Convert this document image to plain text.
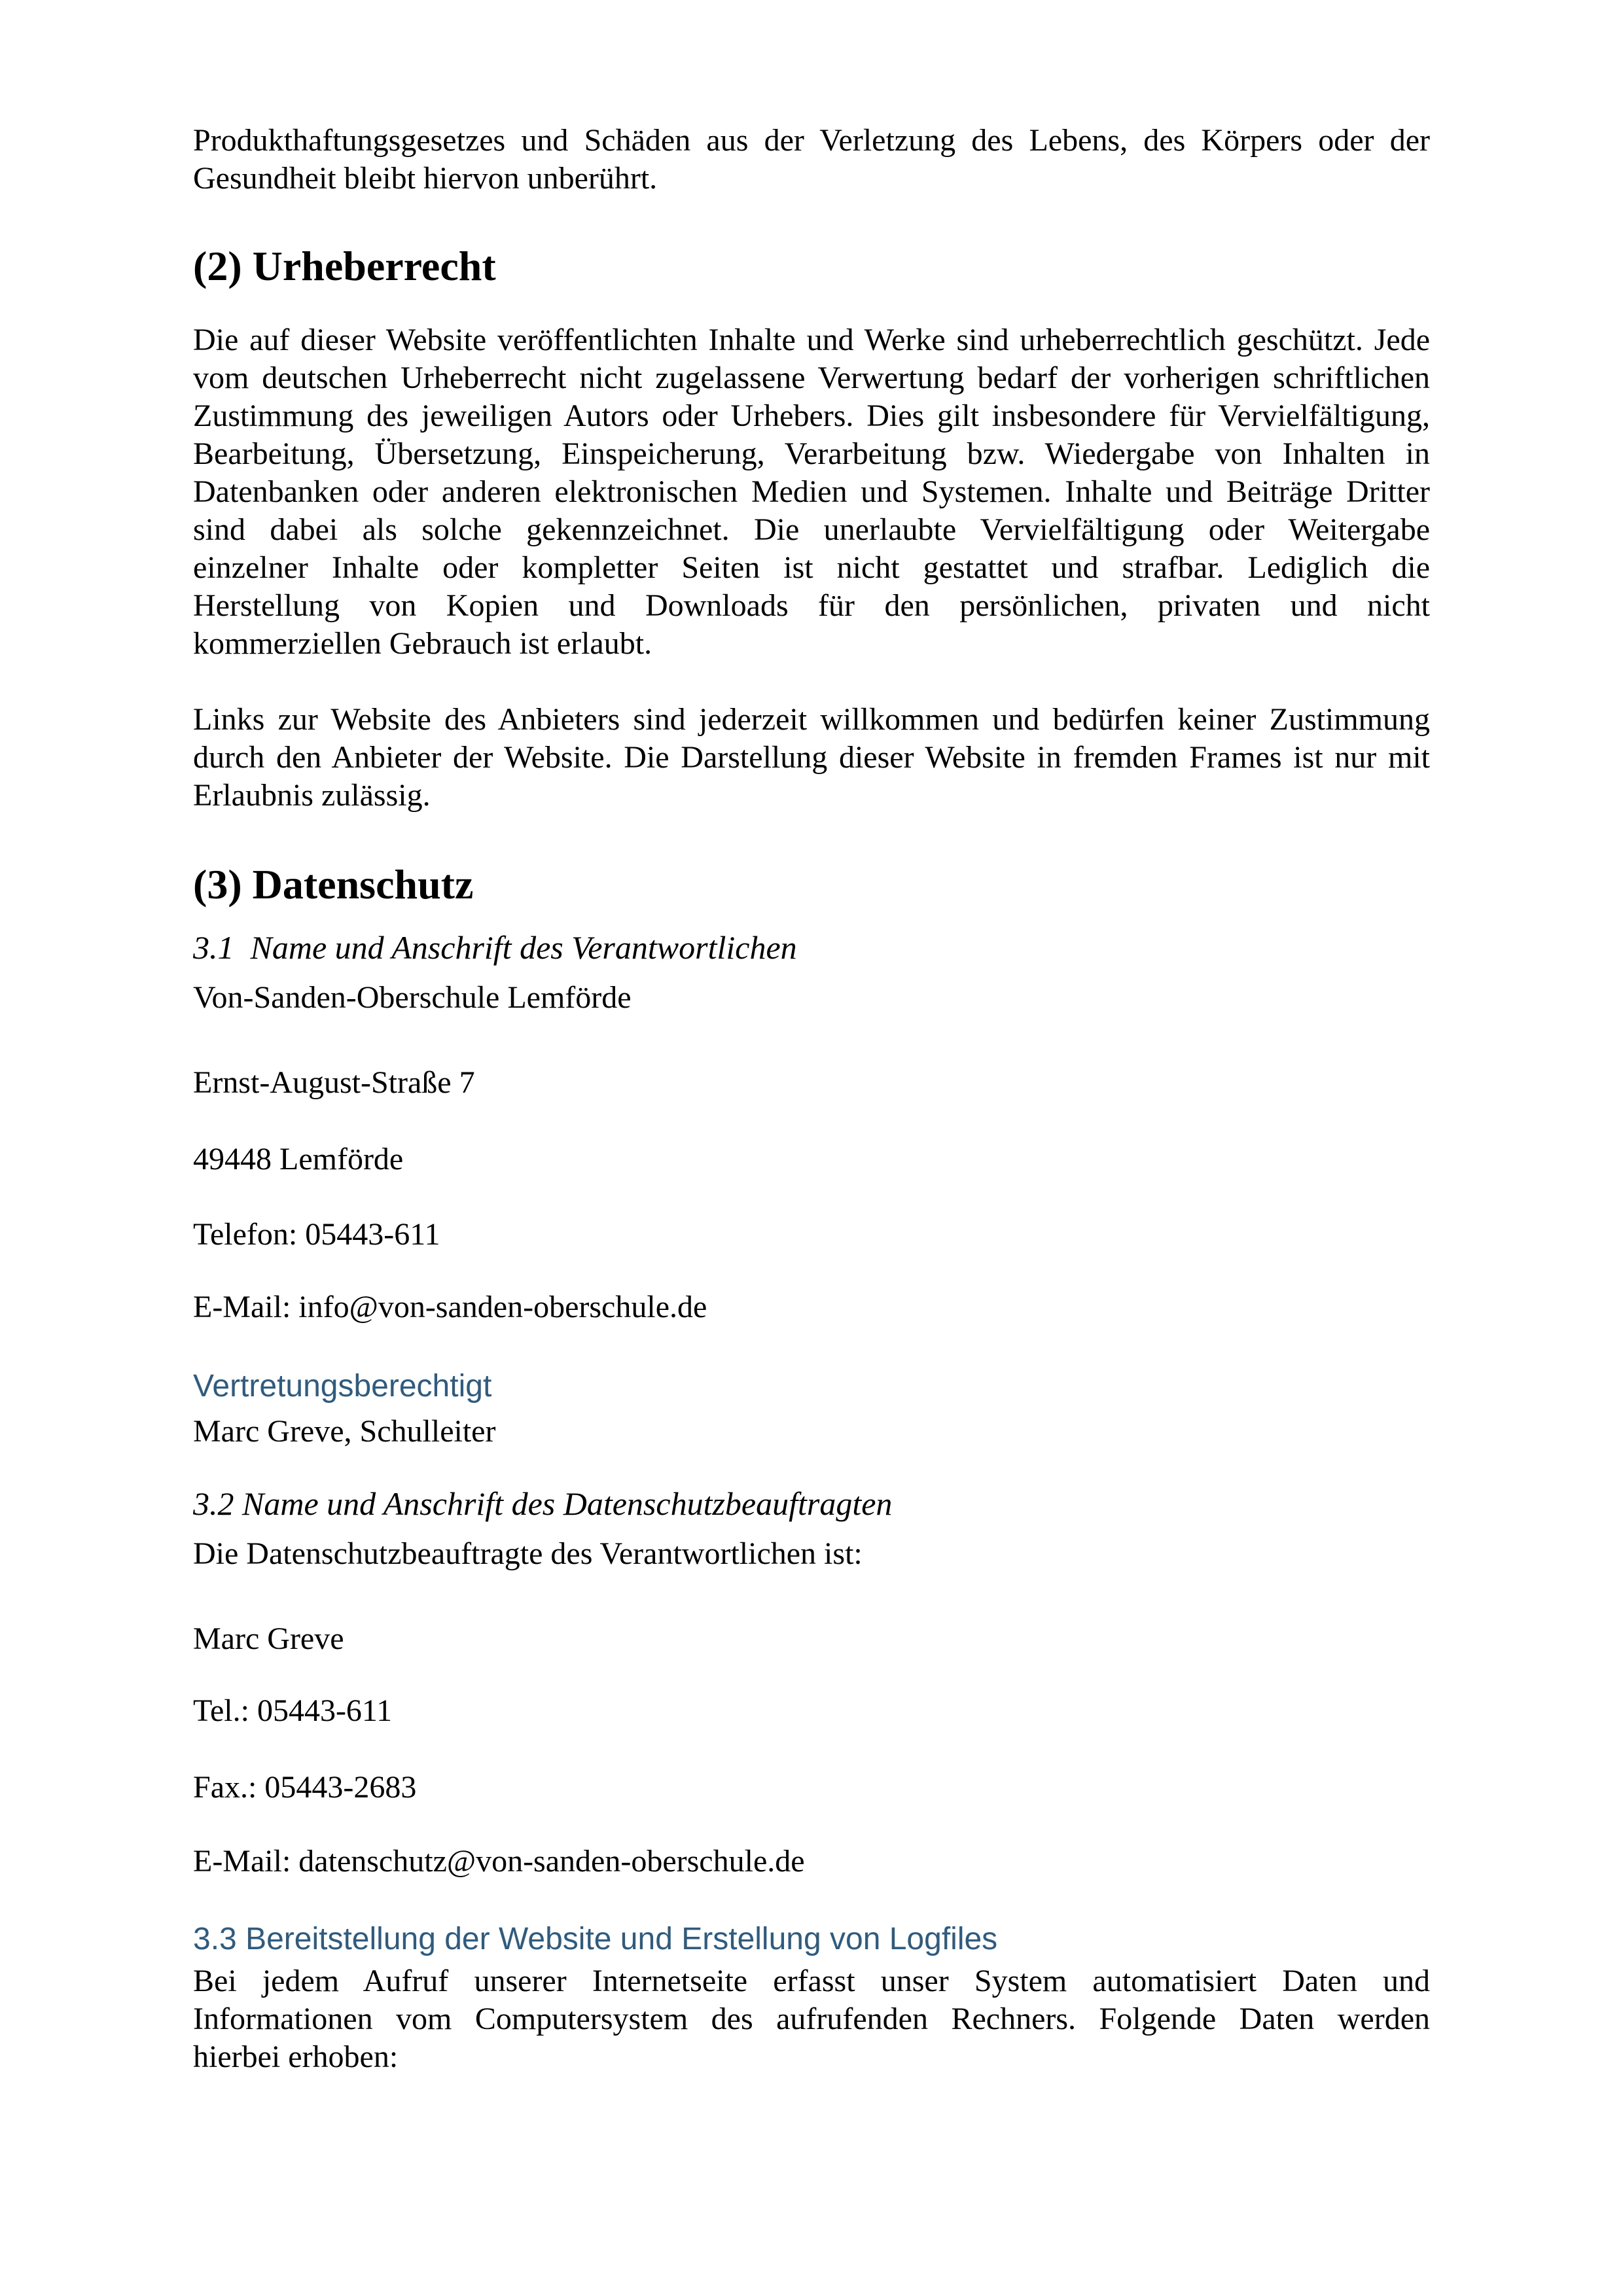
Produkthaftungsgesetzes und Schäden aus der Verletzung des Lebens, des Körpers oder der
Gesundheit bleibt hiervon unberührt.
(2) Urheberrecht
Die auf dieser Website veröffentlichten Inhalte und Werke sind urheberrechtlich geschützt. Jede
vom deutschen Urheberrecht nicht zugelassene Verwertung bedarf der vorherigen schriftlichen
Zustimmung des jeweiligen Autors oder Urhebers. Dies gilt insbesondere für Vervielfältigung,
Bearbeitung, Übersetzung, Einspeicherung, Verarbeitung bzw. Wiedergabe von Inhalten in
Datenbanken oder anderen elektronischen Medien und Systemen. Inhalte und Beiträge Dritter
sind dabei als solche gekennzeichnet. Die unerlaubte Vervielfältigung oder Weitergabe
einzelner Inhalte oder kompletter Seiten ist nicht gestattet und strafbar. Lediglich die
Herstellung von Kopien und Downloads für den persönlichen, privaten und nicht
kommerziellen Gebrauch ist erlaubt.
Links zur Website des Anbieters sind jederzeit willkommen und bedürfen keiner Zustimmung
durch den Anbieter der Website. Die Darstellung dieser Website in fremden Frames ist nur mit
Erlaubnis zulässig.
(3) Datenschutz
3.1  Name und Anschrift des Verantwortlichen
Von-Sanden-Oberschule Lemförde
Ernst-August-Straße 7
49448 Lemförde
Telefon: 05443-611
E-Mail: info@von-sanden-oberschule.de
Vertretungsberechtigt
Marc Greve, Schulleiter
3.2 Name und Anschrift des Datenschutzbeauftragten
Die Datenschutzbeauftragte des Verantwortlichen ist:
Marc Greve
Tel.: 05443-611
Fax.: 05443-2683
E-Mail: datenschutz@von-sanden-oberschule.de
3.3 Bereitstellung der Website und Erstellung von Logfiles
Bei jedem Aufruf unserer Internetseite erfasst unser System automatisiert Daten und
Informationen vom Computersystem des aufrufenden Rechners. Folgende Daten werden
hierbei erhoben:
